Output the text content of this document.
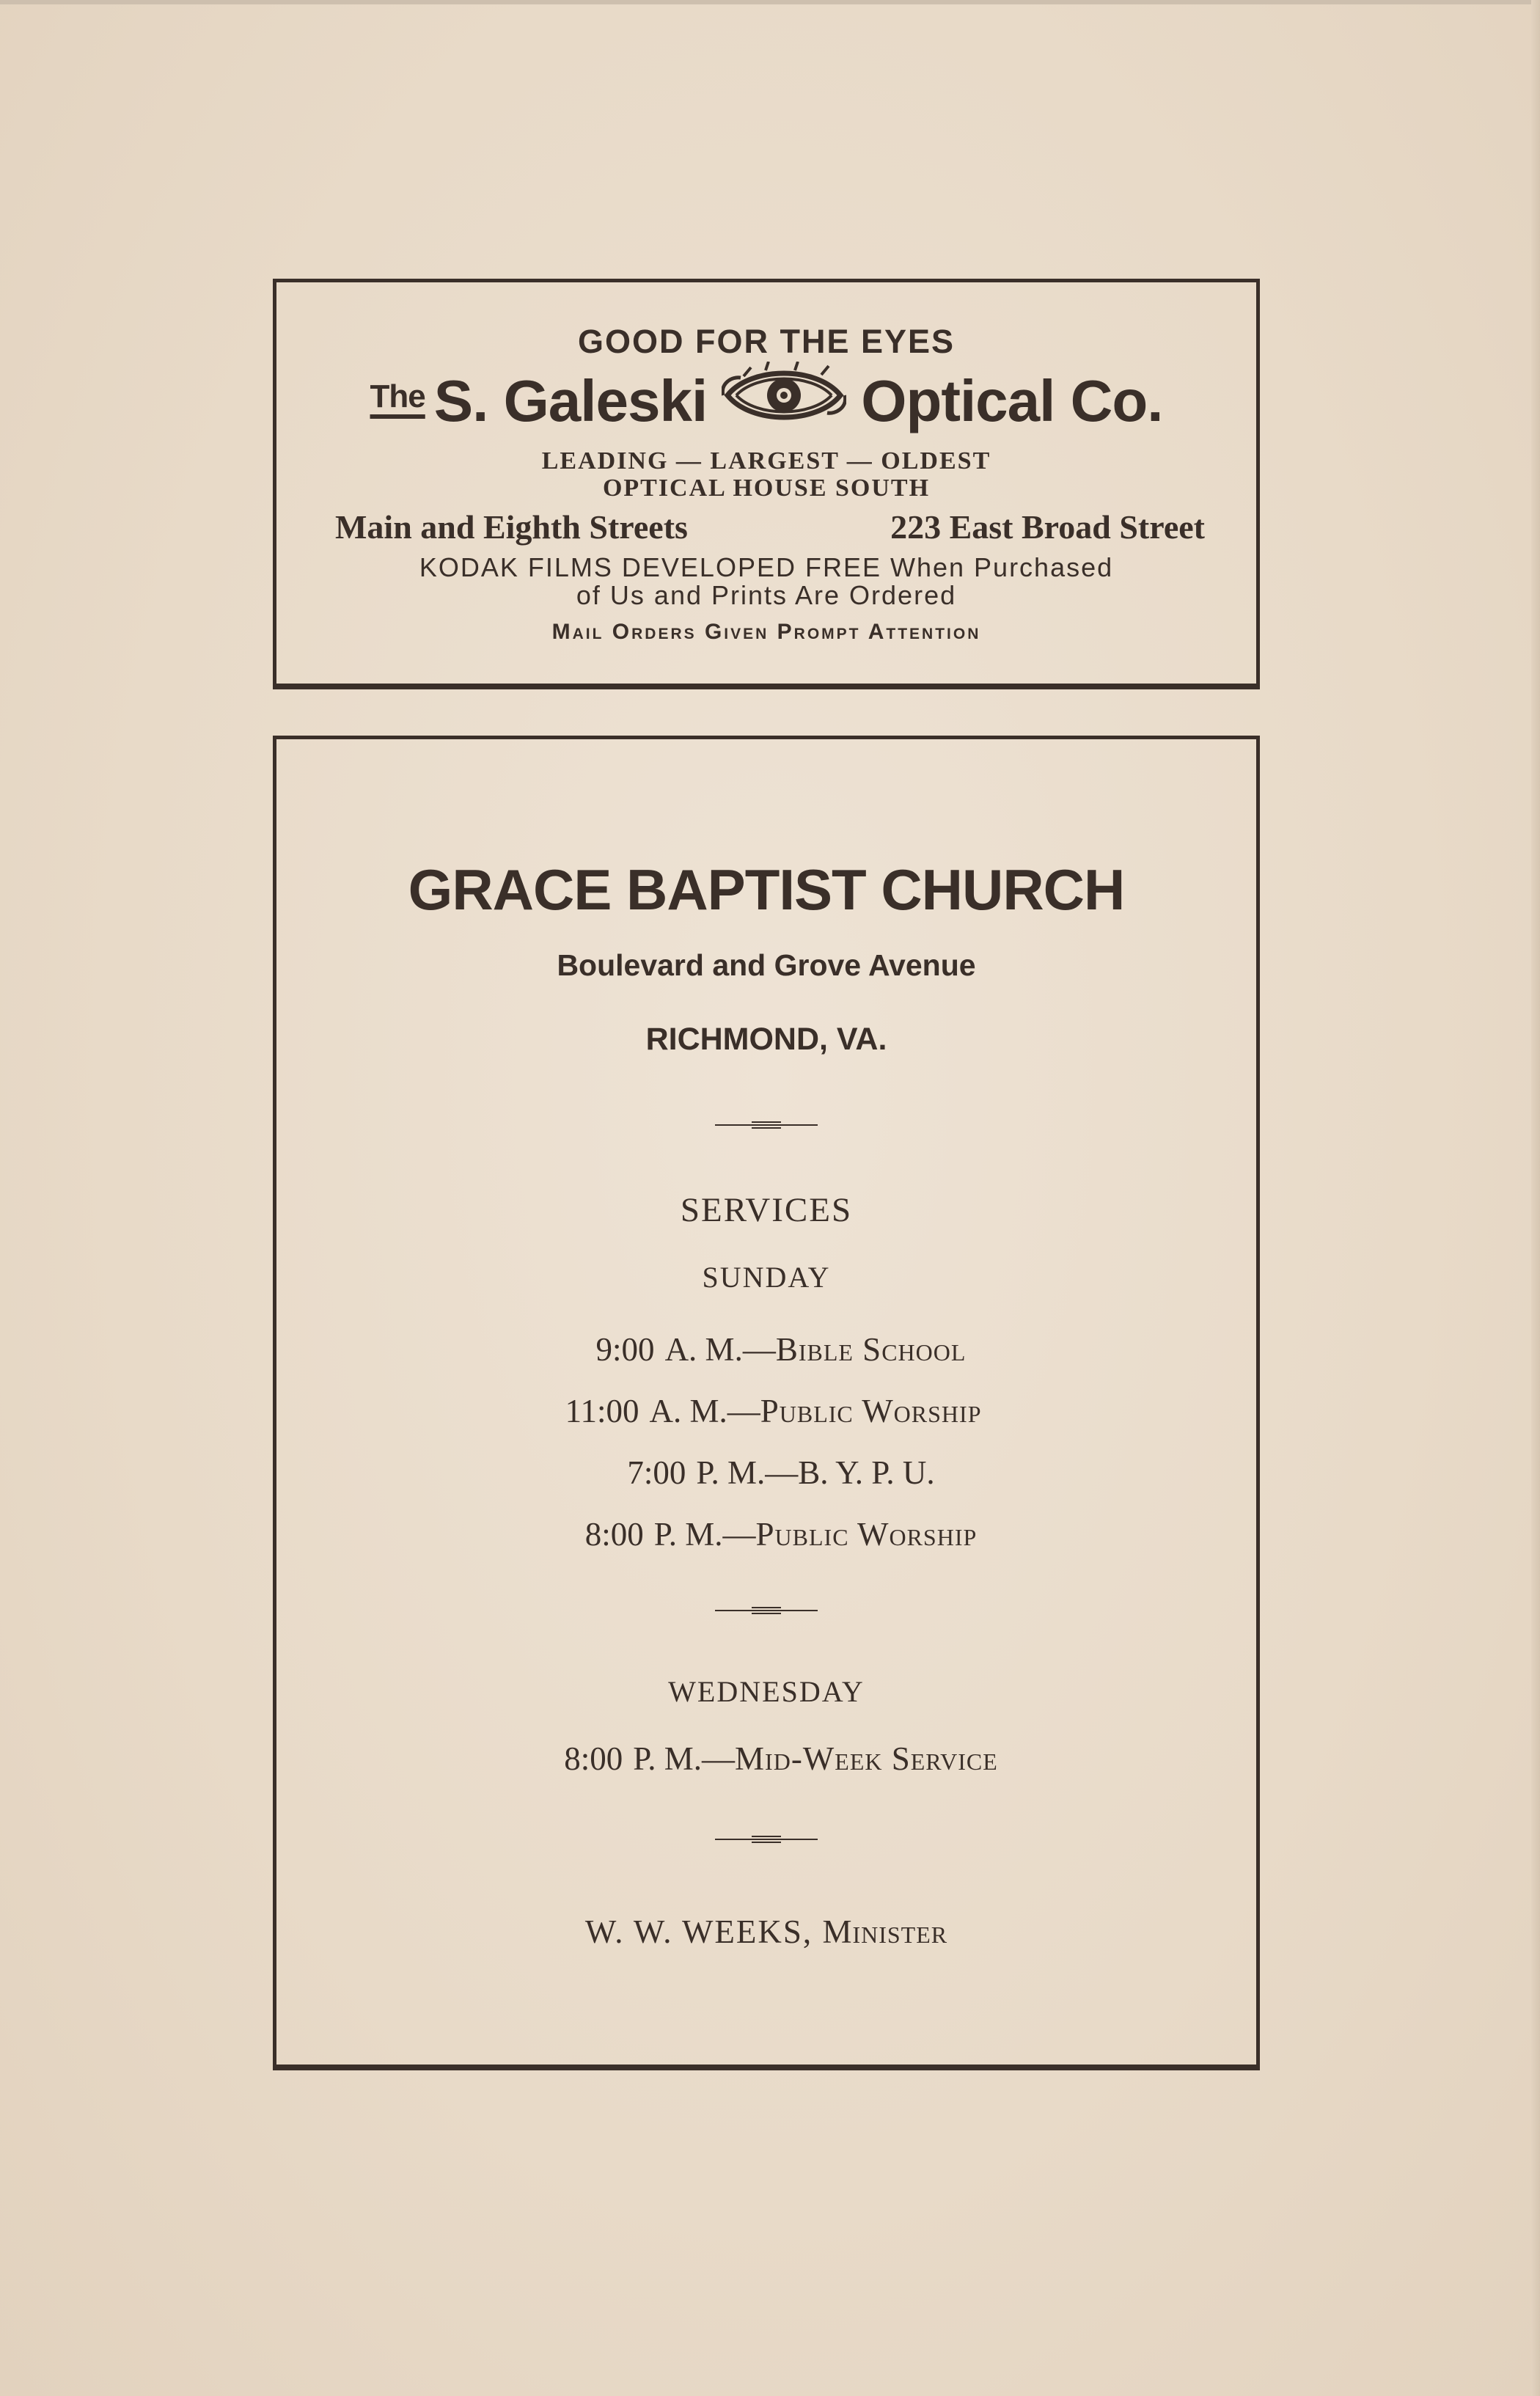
GOOD FOR THE EYES
The S. Galeski	Optical Co.
LEADING — LARGEST — OLDEST
OPTICAL HOUSE SOUTH
Main and Eighth Streets	223 East Broad Street
KODAK FILMS DEVELOPED FREE When Purchased
of Us and Prints Are Ordered
Mail Orders Given Prompt Attention
GRACE BAPTIST CHURCH
Boulevard and Grove Avenue
RICHMOND, VA.
SERVICES
SUNDAY
9:00 A. M.—Bible School
11:00 A. M.—Public Worship
7:00 P. M.—B. Y. P. U.
8:00 P. M.—Public Worship
WEDNESDAY
8:00 P. M.—Mid-Week Service
W. W. WEEKS, Minister
